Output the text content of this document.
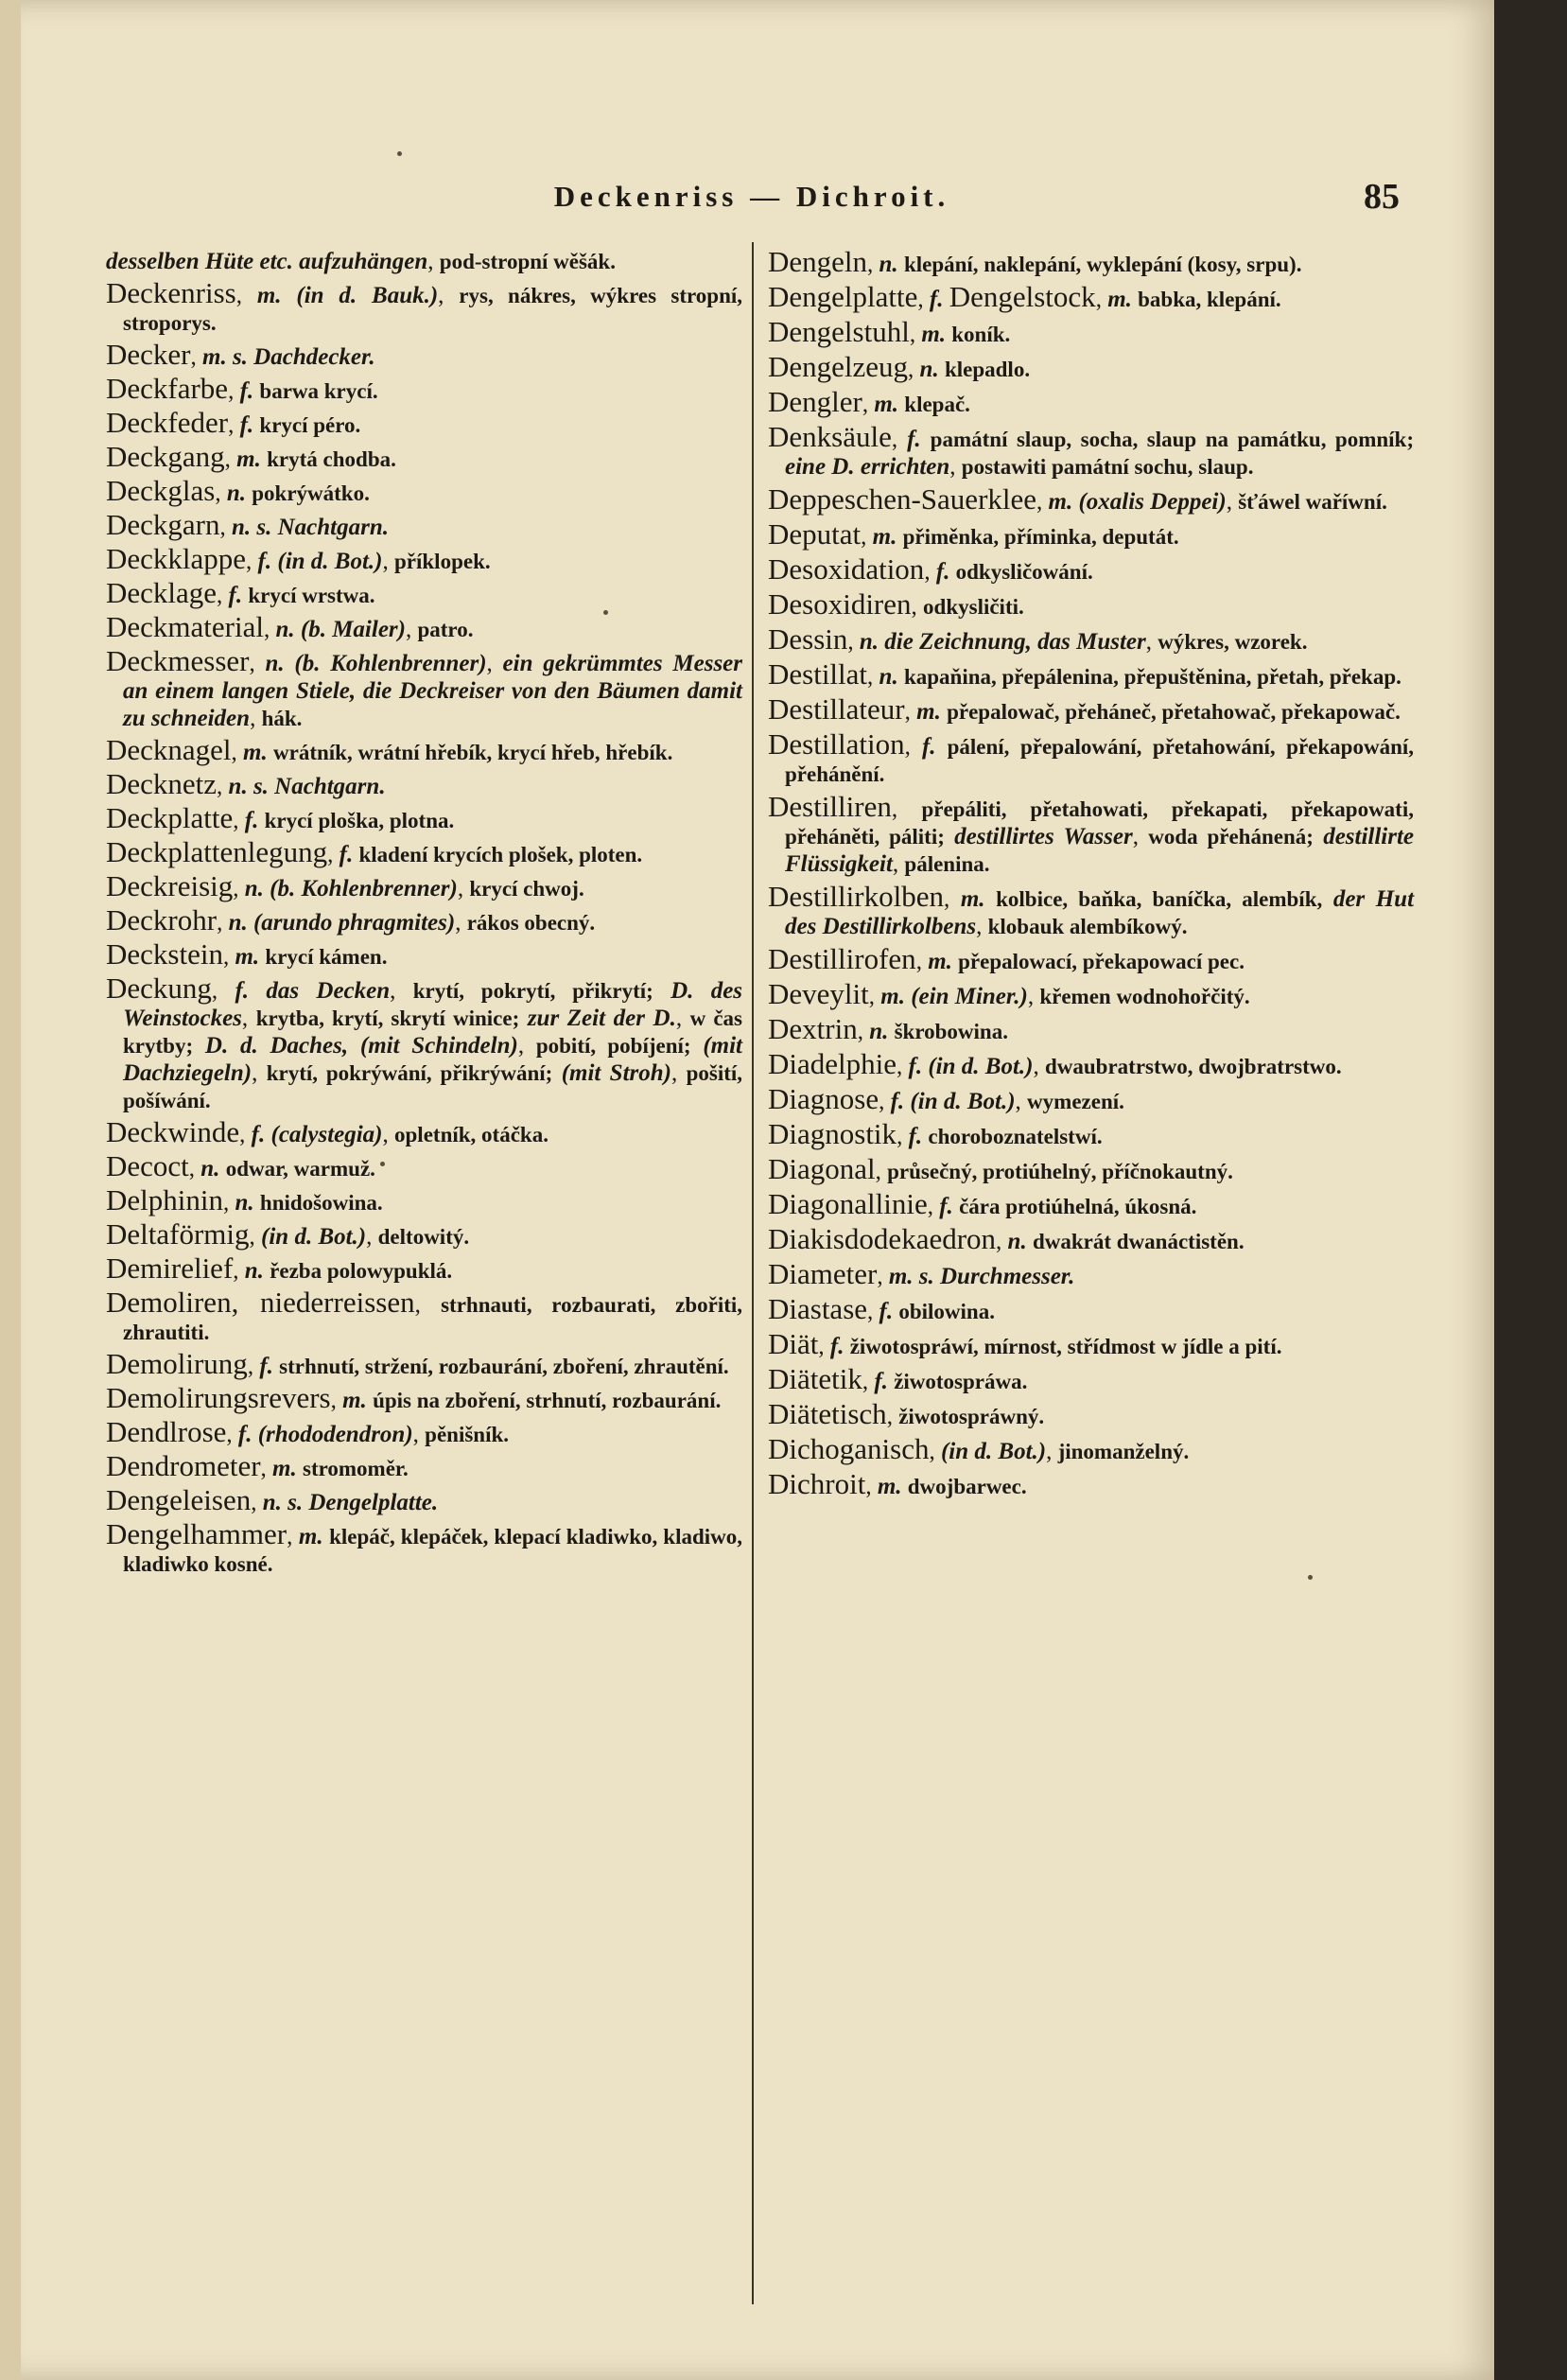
Deckenriss — Dichroit.	85

desselben Hüte etc. aufzuhängen, pod-stropní wěšák.

Deckenriss, m. (in d. Bauk.), rys, nákres, wýkres stropní, stroporys.

Decker, m. s. Dachdecker.

Deckfarbe, f. barwa krycí.

Deckfeder, f. krycí péro.

Deckgang, m. krytá chodba.

Deckglas, n. pokrýwátko.

Deckgarn, n. s. Nachtgarn.

Deckklappe, f. (in d. Bot.), příklopek.

Decklage, f. krycí wrstwa.

Deckmaterial, n. (b. Mailer), patro.

Deckmesser, n. (b. Kohlenbrenner), ein gekrümmtes Messer an einem langen Stiele, die Deckreiser von den Bäumen damit zu schneiden, hák.

Decknagel, m. wrátník, wrátní hřebík, krycí hřeb, hřebík.

Decknetz, n. s. Nachtgarn.

Deckplatte, f. krycí ploška, plotna.

Deckplattenlegung, f. kladení krycích plošek, ploten.

Deckreisig, n. (b. Kohlenbrenner), krycí chwoj.

Deckrohr, n. (arundo phragmites), rákos obecný.

Deckstein, m. krycí kámen.

Deckung, f. das Decken, krytí, pokrytí, přikrytí; D. des Weinstockes, krytba, krytí, skrytí winice; zur Zeit der D., w čas krytby; D. d. Daches, (mit Schindeln), pobití, pobíjení; (mit Dachziegeln), krytí, pokrýwání, přikrýwání; (mit Stroh), pošití, pošíwání.

Deckwinde, f. (calystegia), opletník, otáčka.

Decoct, n. odwar, warmuž.

Delphinin, n. hnidošowina.

Deltaförmig, (in d. Bot.), deltowitý.

Demirelief, n. řezba polowypuklá.

Demoliren, niederreissen, strhnauti, rozbaurati, zbořiti, zhrautiti.

Demolirung, f. strhnutí, stržení, rozbaurání, zboření, zhrautění.

Demolirungsrevers, m. úpis na zboření, strhnutí, rozbaurání.

Dendlrose, f. (rhododendron), pěnišník.

Dendrometer, m. stromoměr.

Dengeleisen, n. s. Dengelplatte.

Dengelhammer, m. klepáč, klepáček, klepací kladiwko, kladiwo, kladiwko kosné.

Dengeln, n. klepání, naklepání, wyklepání (kosy, srpu).

Dengelplatte, f. Dengelstock, m. babka, klepání.

Dengelstuhl, m. koník.

Dengelzeug, n. klepadlo.

Dengler, m. klepač.

Denksäule, f. památní slaup, socha, slaup na památku, pomník; eine D. errichten, postawiti památní sochu, slaup.

Deppeschen-Sauerklee, m. (oxalis Deppei), šťáwel waříwní.

Deputat, m. přiměnka, příminka, deputát.

Desoxidation, f. odkysličowání.

Desoxidiren, odkysličiti.

Dessin, n. die Zeichnung, das Muster, wýkres, wzorek.

Destillat, n. kapaňina, přepálenina, přepuštěnina, přetah, překap.

Destillateur, m. přepalowač, přeháneč, přetahowač, překapowač.

Destillation, f. pálení, přepalowání, přetahowání, překapowání, přehánění.

Destilliren, přepáliti, přetahowati, překapati, překapowati, přeháněti, páliti; destillirtes Wasser, woda přehánená; destillirte Flüssigkeit, pálenina.

Destillirkolben, m. kolbice, baňka, baníčka, alembík, der Hut des Destillirkolbens, klobauk alembíkowý.

Destillirofen, m. přepalowací, překapowací pec.

Deveylit, m. (ein Miner.), křemen wodnohořčitý.

Dextrin, n. škrobowina.

Diadelphie, f. (in d. Bot.), dwaubratrstwo, dwojbratrstwo.

Diagnose, f. (in d. Bot.), wymezení.

Diagnostik, f. choroboznatelstwí.

Diagonal, průsečný, protiúhelný, příčnokautný.

Diagonallinie, f. čára protiúhelná, úkosná.

Diakisdodekaedron, n. dwakrát dwanáctistěn.

Diameter, m. s. Durchmesser.

Diastase, f. obilowina.

Diät, f. žiwotospráwí, mírnost, střídmost w jídle a pití.

Diätetik, f. žiwotospráwa.

Diätetisch, žiwotospráwný.

Dichoganisch, (in d. Bot.), jinomanželný.

Dichroit, m. dwojbarwec.
